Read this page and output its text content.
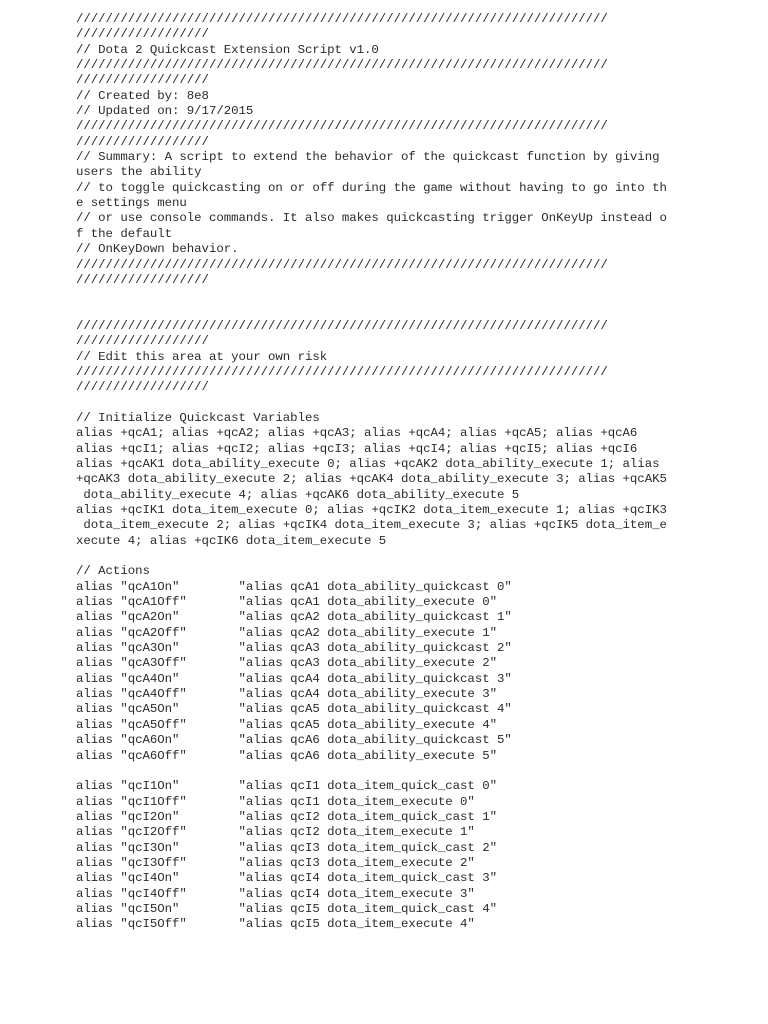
////////////////////////////////////////////////////////////////////////
//////////////////
// Dota 2 Quickcast Extension Script v1.0
////////////////////////////////////////////////////////////////////////
//////////////////
// Created by: 8e8
// Updated on: 9/17/2015
////////////////////////////////////////////////////////////////////////
//////////////////
// Summary: A script to extend the behavior of the quickcast function by giving
users the ability
// to toggle quickcasting on or off during the game without having to go into th
e settings menu
// or use console commands. It also makes quickcasting trigger OnKeyUp instead o
f the default
// OnKeyDown behavior.
////////////////////////////////////////////////////////////////////////
//////////////////
////////////////////////////////////////////////////////////////////////
//////////////////
// Edit this area at your own risk
////////////////////////////////////////////////////////////////////////
//////////////////
// Initialize Quickcast Variables
alias +qcA1; alias +qcA2; alias +qcA3; alias +qcA4; alias +qcA5; alias +qcA6
alias +qcI1; alias +qcI2; alias +qcI3; alias +qcI4; alias +qcI5; alias +qcI6
alias +qcAK1 dota_ability_execute 0; alias +qcAK2 dota_ability_execute 1; alias
+qcAK3 dota_ability_execute 2; alias +qcAK4 dota_ability_execute 3; alias +qcAK5
dota_ability_execute 4; alias +qcAK6 dota_ability_execute 5
alias +qcIK1 dota_item_execute 0; alias +qcIK2 dota_item_execute 1; alias +qcIK3
dota_item_execute 2; alias +qcIK4 dota_item_execute 3; alias +qcIK5 dota_item_e
xecute 4; alias +qcIK6 dota_item_execute 5
// Actions
alias "qcA1On"        "alias qcA1 dota_ability_quickcast 0"
alias "qcA1Off"       "alias qcA1 dota_ability_execute 0"
alias "qcA2On"        "alias qcA2 dota_ability_quickcast 1"
alias "qcA2Off"       "alias qcA2 dota_ability_execute 1"
alias "qcA3On"        "alias qcA3 dota_ability_quickcast 2"
alias "qcA3Off"       "alias qcA3 dota_ability_execute 2"
alias "qcA4On"        "alias qcA4 dota_ability_quickcast 3"
alias "qcA4Off"       "alias qcA4 dota_ability_execute 3"
alias "qcA5On"        "alias qcA5 dota_ability_quickcast 4"
alias "qcA5Off"       "alias qcA5 dota_ability_execute 4"
alias "qcA6On"        "alias qcA6 dota_ability_quickcast 5"
alias "qcA6Off"       "alias qcA6 dota_ability_execute 5"
alias "qcI1On"        "alias qcI1 dota_item_quick_cast 0"
alias "qcI1Off"       "alias qcI1 dota_item_execute 0"
alias "qcI2On"        "alias qcI2 dota_item_quick_cast 1"
alias "qcI2Off"       "alias qcI2 dota_item_execute 1"
alias "qcI3On"        "alias qcI3 dota_item_quick_cast 2"
alias "qcI3Off"       "alias qcI3 dota_item_execute 2"
alias "qcI4On"        "alias qcI4 dota_item_quick_cast 3"
alias "qcI4Off"       "alias qcI4 dota_item_execute 3"
alias "qcI5On"        "alias qcI5 dota_item_quick_cast 4"
alias "qcI5Off"       "alias qcI5 dota_item_execute 4"
